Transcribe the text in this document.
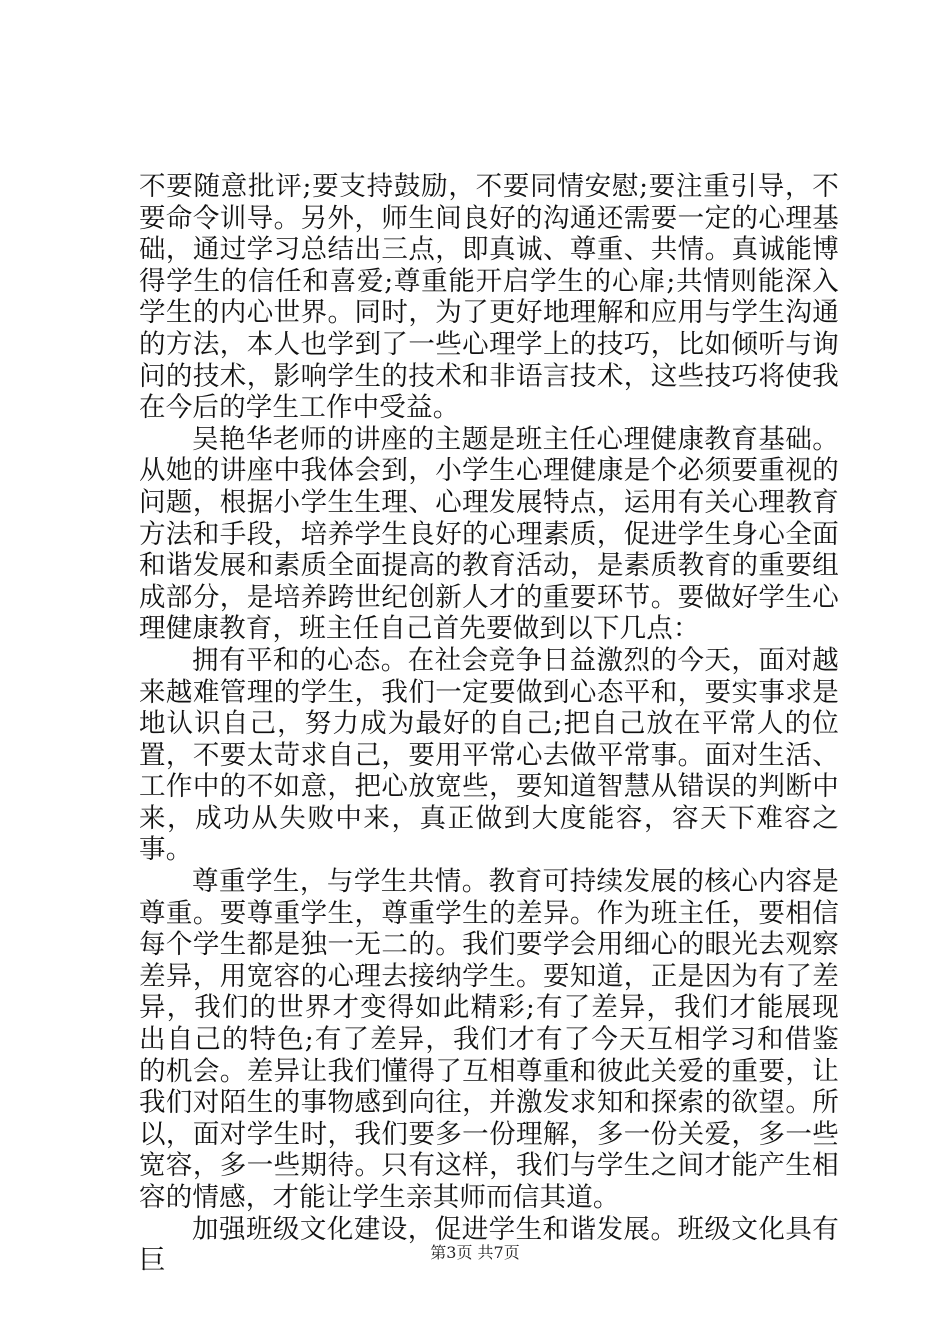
不要随意批评;要支持鼓励，不要同情安慰;要注重引导，不要命令训导。另外，师生间良好的沟通还需要一定的心理基础，通过学习总结出三点，即真诚、尊重、共情。真诚能博得学生的信任和喜爱;尊重能开启学生的心扉;共情则能深入学生的内心世界。同时，为了更好地理解和应用与学生沟通的方法，本人也学到了一些心理学上的技巧，比如倾听与询问的技术，影响学生的技术和非语言技术，这些技巧将使我在今后的学生工作中受益。

吴艳华老师的讲座的主题是班主任心理健康教育基础。从她的讲座中我体会到，小学生心理健康是个必须要重视的问题，根据小学生生理、心理发展特点，运用有关心理教育方法和手段，培养学生良好的心理素质，促进学生身心全面和谐发展和素质全面提高的教育活动，是素质教育的重要组成部分，是培养跨世纪创新人才的重要环节。要做好学生心理健康教育，班主任自己首先要做到以下几点：

拥有平和的心态。在社会竞争日益激烈的今天，面对越来越难管理的学生，我们一定要做到心态平和，要实事求是地认识自己，努力成为最好的自己;把自己放在平常人的位置，不要太苛求自己，要用平常心去做平常事。面对生活、工作中的不如意，把心放宽些，要知道智慧从错误的判断中来，成功从失败中来，真正做到大度能容，容天下难容之事。

尊重学生，与学生共情。教育可持续发展的核心内容是尊重。要尊重学生，尊重学生的差异。作为班主任，要相信每个学生都是独一无二的。我们要学会用细心的眼光去观察差异，用宽容的心理去接纳学生。要知道，正是因为有了差异，我们的世界才变得如此精彩;有了差异，我们才能展现出自己的特色;有了差异，我们才有了今天互相学习和借鉴的机会。差异让我们懂得了互相尊重和彼此关爱的重要，让我们对陌生的事物感到向往，并激发求知和探索的欲望。所以，面对学生时，我们要多一份理解，多一份关爱，多一些宽容，多一些期待。只有这样，我们与学生之间才能产生相容的情感，才能让学生亲其师而信其道。

加强班级文化建设，促进学生和谐发展。班级文化具有巨	第3页 共7页
